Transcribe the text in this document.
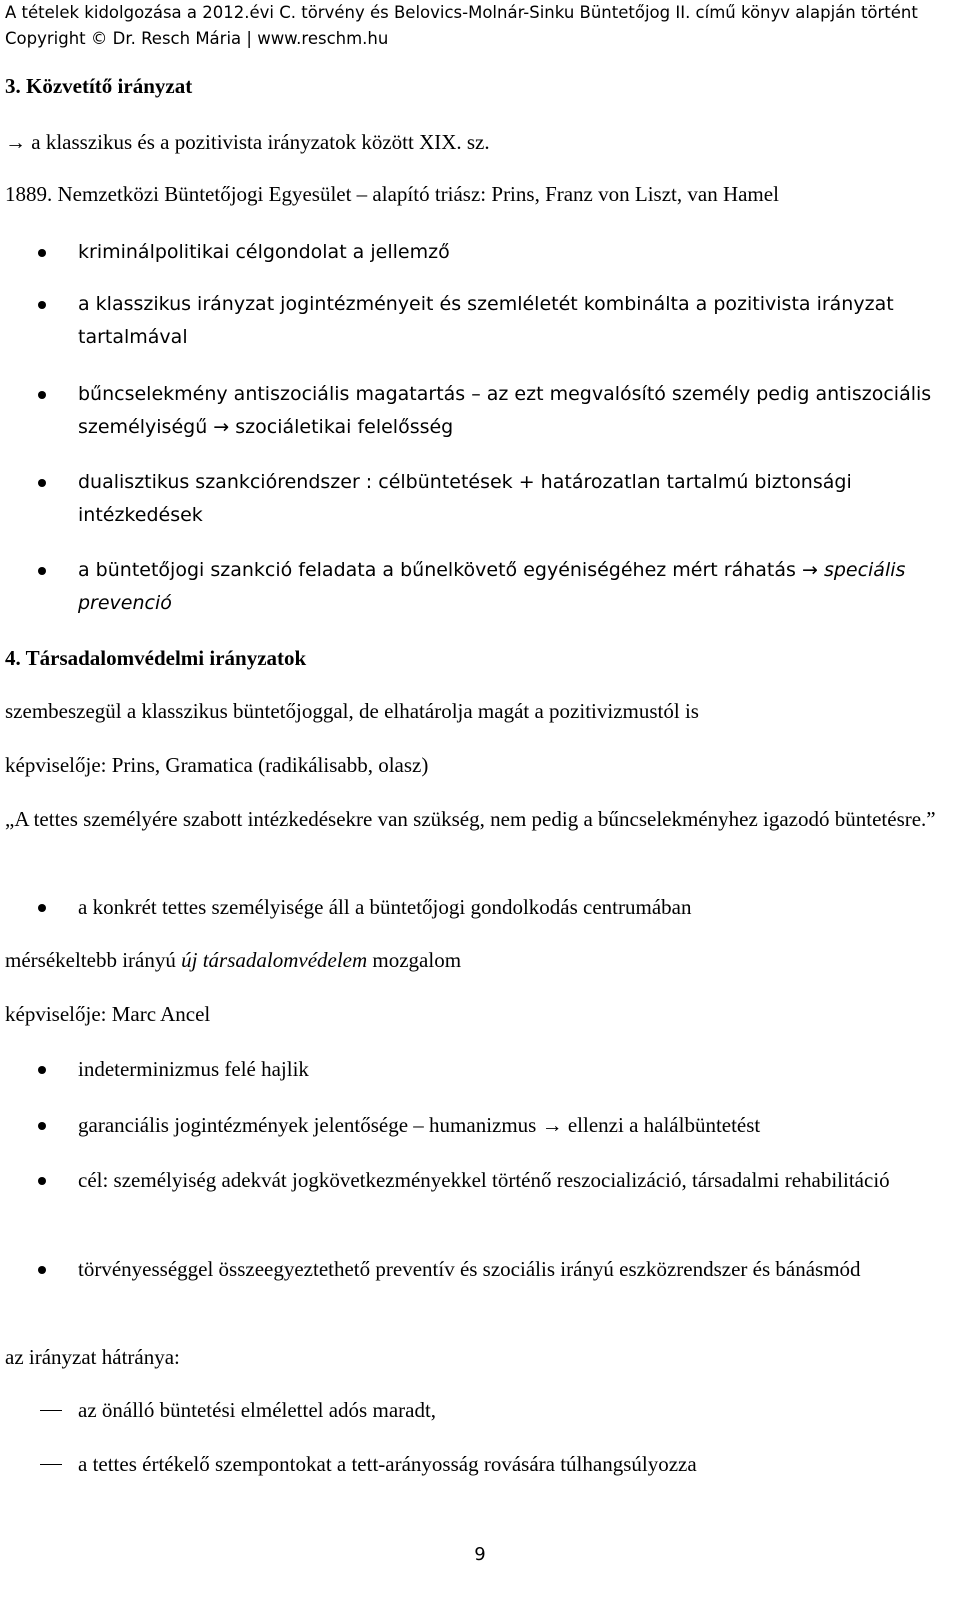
A tételek kidolgozása a 2012.évi C. törvény és Belovics-Molnár-Sinku Büntetőjog II. című könyv alapján történt
Copyright © Dr. Resch Mária | www.reschm.hu
3. Közvetítő irányzat
→ a klasszikus és a pozitivista irányzatok között XIX. sz.
1889. Nemzetközi Büntetőjogi Egyesület – alapító triász: Prins, Franz von Liszt, van Hamel
kriminálpolitikai célgondolat a jellemző
a klasszikus irányzat jogintézményeit és szemléletét kombinálta a pozitivista irányzat tartalmával
bűncselekmény antiszociális magatartás – az ezt megvalósító személy pedig antiszociális személyiségű → szociáletikai felelősség
dualisztikus szankciórendszer : célbüntetések + határozatlan tartalmú biztonsági intézkedések
a büntetőjogi szankció feladata a bűnelkövető egyéniségéhez mért ráhatás → speciális prevenció
4. Társadalomvédelmi irányzatok
szembeszegül a klasszikus büntetőjoggal, de elhatárolja magát a pozitivizmustól is
képviselője: Prins, Gramatica (radikálisabb, olasz)
„A tettes személyére szabott intézkedésekre van szükség, nem pedig a bűncselekményhez igazodó büntetésre.”
a konkrét tettes személyisége áll a büntetőjogi gondolkodás centrumában
mérsékeltebb irányú új társadalomvédelem mozgalom
képviselője: Marc Ancel
indeterminizmus felé hajlik
garanciális jogintézmények jelentősége – humanizmus → ellenzi a halálbüntetést
cél: személyiség adekvát jogkövetkezményekkel történő reszocializáció, társadalmi rehabilitáció
törvényességgel összeegyeztethető preventív és szociális irányú eszközrendszer és bánásmód
az irányzat hátránya:
az önálló büntetési elmélettel adós maradt,
a tettes értékelő szempontokat a tett-arányosság rovására túlhangsúlyozza
9
